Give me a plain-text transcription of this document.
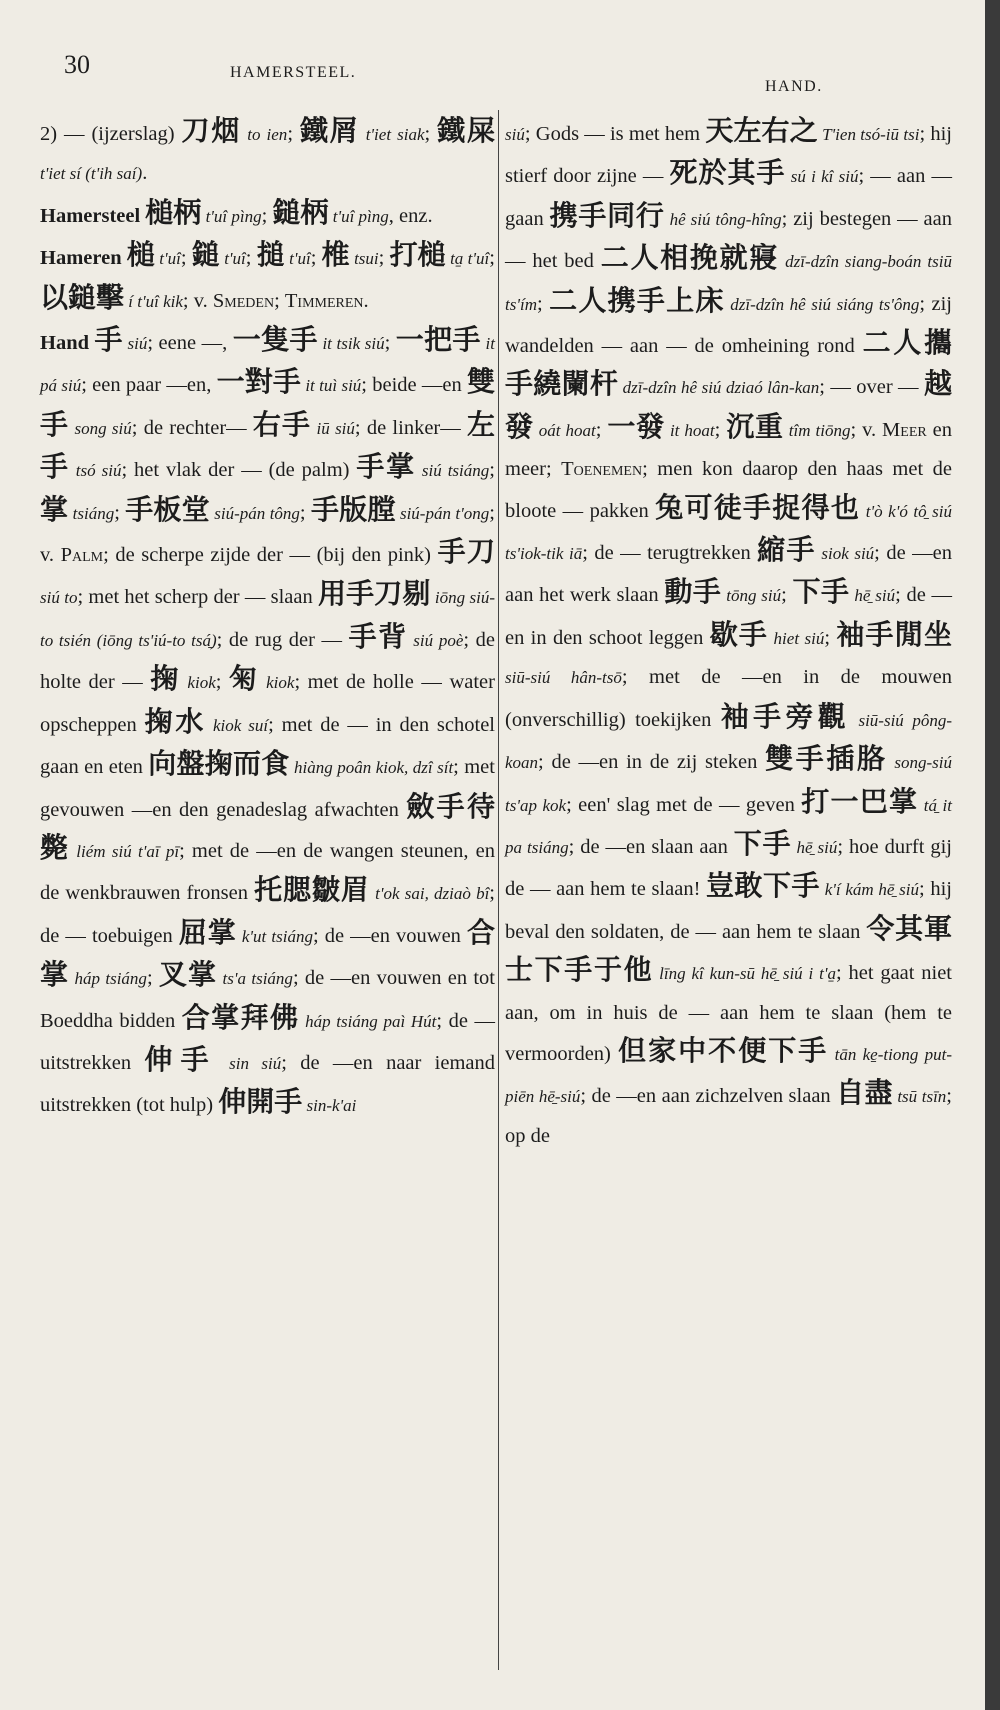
30	HAMERSTEEL.
HAND.

2) — (ijzerslag) 刀烟 to ien; 鐵屑 t'iet siak; 鐵屎 t'iet sí (t'ih saí).

Hamersteel 槌柄 t'uî pìng; 鎚柄 t'uî pìng, enz.

Hameren 槌 t'uî; 鎚 t'uî; 搥 t'uî; 椎 tsui; 打槌 ta̱ t'uî; 以鎚擊 í t'uî kik; v. Smeden; Timmeren.

Hand 手 siú; eene —, 一隻手 it tsik siú; 一把手 it pá siú; een paar —en, 一對手 it tuì siú; beide —en 雙手 song siú; de rechter— 右手 iū siú; de linker— 左手 tsó siú; het vlak der — (de palm) 手掌 siú tsiáng; 掌 tsiáng; 手板堂 siú-pán tông; 手版膛 siú-pán t'ong; v. Palm; de scherpe zijde der — (bij den pink) 手刀 siú to; met het scherp der — slaan 用手刀剔 iōng siú-to tsién (iōng ts'iú-to tsá̱); de rug der — 手背 siú poè; de holte der — 掬 kiok; 匊 kiok; met de holle — water opscheppen 掬水 kiok suí; met de — in den schotel gaan en eten 向盤掬而食 hiàng poân kiok, dzî sít; met gevouwen —en den genadeslag afwachten 斂手待斃 liém siú t'aī pī; met de —en de wangen steunen, en de wenkbrauwen fronsen 托腮皺眉 t'ok sai, dziaò bî; de — toebuigen 屈掌 k'ut tsiáng; de —en vouwen 合掌 háp tsiáng; 叉掌 ts'a tsiáng; de —en vouwen en tot Boeddha bidden 合掌拜佛 háp tsiáng paì Hút; de — uitstrekken 伸手 sin siú; de —en naar iemand uitstrekken (tot hulp) 伸開手 sin-k'ai

siú; Gods — is met hem 天左右之 T'ien tsó-iū tsi; hij stierf door zijne — 死於其手 sú i kî siú; — aan — gaan 携手同行 hê siú tông-hîng; zij bestegen — aan — het bed 二人相挽就寢 dzī-dzîn siang-boán tsiū ts'ím; 二人携手上床 dzī-dzîn hê siú siáng ts'ông; zij wandelden — aan — de omheining rond 二人攜手繞闌杆 dzī-dzîn hê siú dziaó lân-kan; — over — 越發 oát hoat; 一發 it hoat; 沉重 tîm tiōng; v. Meer en meer; Toenemen; men kon daarop den haas met de bloote — pakken 兔可徒手捉得也 t'ò k'ó tô̱ siú ts'iok-tik iā; de — terugtrekken 縮手 siok siú; de —en aan het werk slaan 動手 tōng siú; 下手 hē̱ siú; de —en in den schoot leggen 歇手 hiet siú; 袖手閒坐 siū-siú hân-tsō; met de —en in de mouwen (onverschillig) toekijken 袖手旁觀 siū-siú pông-koan; de —en in de zij steken 雙手插胳 song-siú ts'ap kok; een' slag met de — geven 打一巴掌 tá̱ it pa tsiáng; de —en slaan aan 下手 hē̱ siú; hoe durft gij de — aan hem te slaan! 豈敢下手 k'í kám hē̱ siú; hij beval den soldaten, de — aan hem te slaan 令其軍士下手于他 līng kî kun-sū hē̱ siú i t'a̱; het gaat niet aan, om in huis de — aan hem te slaan (hem te vermoorden) 但家中不便下手 tān ke̱-tiong put-piēn hē̱-siú; de —en aan zichzelven slaan 自盡 tsū tsīn; op de
